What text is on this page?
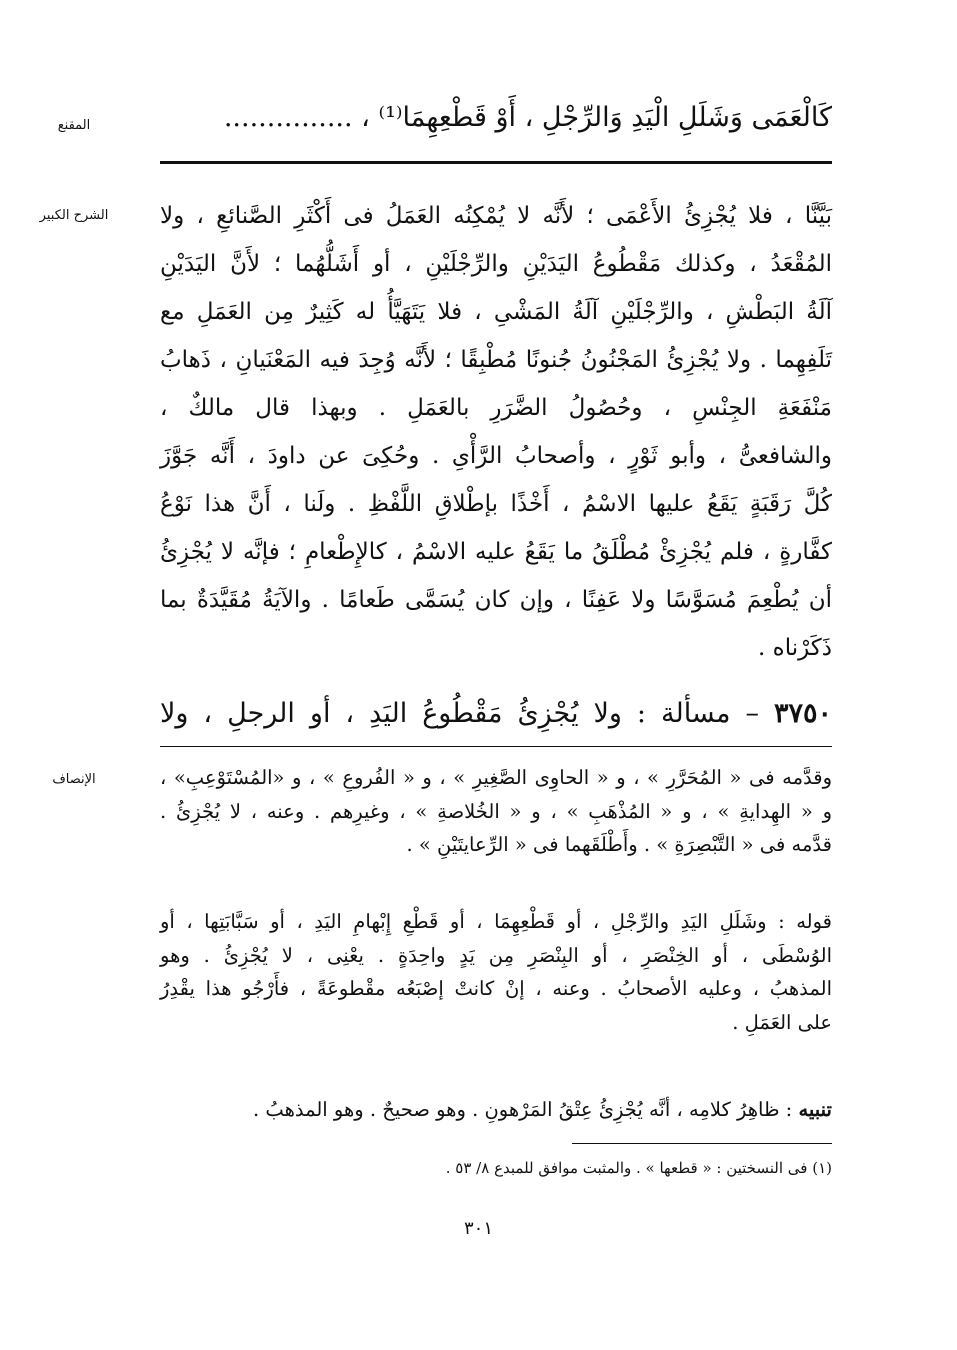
المقنع
الشرح الكبير
الإنصاف
كَالْعَمَى وَشَلَلِ الْيَدِ وَالرِّجْلِ ، أَوْ قَطْعِهِمَا⁽¹⁾ ، ...............
بَيَّنَّا ، فلا يُجْزِئُ الأَعْمَى ؛ لأَنَّه لا يُمْكِنُه العَمَلُ فى أَكْثَرِ الصَّنائعِ ، ولا
المُقْعَدُ ، وكذلك مَقْطُوعُ اليَدَيْنِ والرِّجْلَيْنِ ، أو أَشَلُّهُما ؛ لأَنَّ اليَدَيْنِ
آلَةُ البَطْشِ ، والرِّجْلَيْنِ آلَةُ المَشْىِ ، فلا يَتَهَيَّأُ له كَثِيرٌ مِن العَمَلِ مع
تَلَفِهِما . ولا يُجْزِئُ المَجْنُونُ جُنونًا مُطْبِقًا ؛ لأَنَّه وُجِدَ فيه المَعْنَيانِ ، ذَهابُ
مَنْفَعَةِ الجِنْسِ ، وحُصُولُ الضَّرَرِ بالعَمَلِ . وبهذا قال مالكٌ ،
والشافعىُّ ، وأبو ثَوْرٍ ، وأصحابُ الرَّأْىِ . وحُكِىَ عن داودَ ، أَنَّه جَوَّزَ
كُلَّ رَقَبَةٍ يَقَعُ عليها الاسْمُ ، أَخْذًا بإطْلاقِ اللَّفْظِ . ولَنا ، أَنَّ هذا نَوْعُ
كفَّارةٍ ، فلم يُجْزِئْ مُطْلَقُ ما يَقَعُ عليه الاسْمُ ، كالإِطْعامِ ؛ فإنَّه لا يُجْزِئُ
أن يُطْعِمَ مُسَوَّسًا ولا عَفِنًا ، وإن كان يُسَمَّى طَعامًا . والآيَةُ مُقَيَّدَةٌ بما
ذَكَرْناه .
٣٧٥٠ – مسألة : ولا يُجْزِئُ مَقْطُوعُ اليَدِ ، أو الرجلِ ، ولا
وقدَّمه فى « المُحَرَّرِ » ، و « الحاوِى الصَّغِيرِ » ، و « الفُروعِ » ، و «المُسْتَوْعِبِ» ،
و « الهِدايةِ » ، و « المُذْهَبِ » ، و « الخُلاصةِ » ، وغيرِهم . وعنه ، لا يُجْزِئُ .
قدَّمه فى « التَّبْصِرَةِ » . وأَطْلَقَهما فى « الرِّعايتَيْنِ » .
قوله : وشَلَلِ اليَدِ والرِّجْلِ ، أو قَطْعِهِمَا ، أو قَطْعِ إِبْهامِ اليَدِ ، أو سَبَّابَتِها ، أو
الوُسْطَى ، أو الخِنْصَرِ ، أو البِنْصَرِ مِن يَدٍ واحِدَةٍ . يعْنِى ، لا يُجْزِئُ . وهو
المذهبُ ، وعليه الأصحابُ . وعنه ، إنْ كانتْ إصْبَعُه مقْطوعَةً ، فأَرْجُو هذا يقْدِرُ
على العَمَلِ .
تنبيه : ظاهِرُ كلامِه ، أنَّه يُجْزِئُ عِتْقُ المَرْهونِ . وهو صحيحٌ . وهو المذهبُ .
(١) فى النسختين : « قطعها » . والمثبت موافق للمبدع ٨/ ٥٣ .
٣٠١
